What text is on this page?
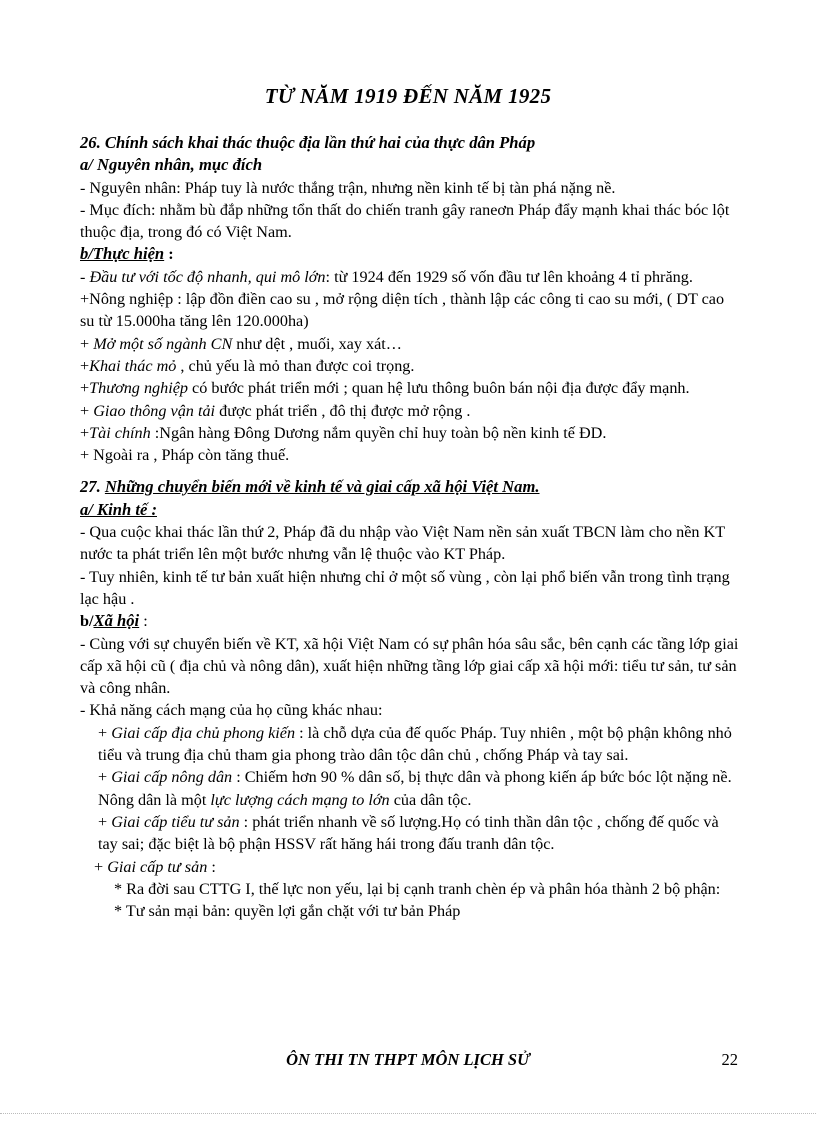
TỪ NĂM 1919 ĐẾN NĂM 1925

26. Chính sách khai thác thuộc địa lần thứ hai của thực dân Pháp

a/ Nguyên nhân, mục đích

- Nguyên nhân: Pháp tuy là nước thắng trận, nhưng nền kinh tế bị tàn phá nặng nề.

- Mục đích: nhằm bù đắp những tổn thất do chiến tranh gây raneơn Pháp đẩy mạnh khai thác bóc lột thuộc địa, trong đó có Việt Nam.

b/Thực hiện :

- Đầu tư với tốc độ nhanh, qui mô lớn: từ 1924 đến 1929 số vốn đầu tư lên khoảng 4 tỉ phrăng.

+Nông nghiệp : lập đồn điền cao su , mở rộng diện tích , thành lập các công ti cao su mới, ( DT cao su từ 15.000ha tăng lên 120.000ha)

+ Mở một số ngành CN như dệt , muối, xay xát…

+Khai thác mỏ , chủ yếu là mỏ than được coi trọng.

+Thương nghiệp có bước phát triển mới ; quan hệ lưu thông buôn bán nội địa được đẩy mạnh.

+ Giao thông vận tải được phát triển , đô thị được mở rộng .

+Tài chính :Ngân hàng Đông Dương nắm quyền chỉ huy toàn bộ nền kinh tế ĐD.

+ Ngoài ra , Pháp còn tăng thuế.

27. Những chuyển biến mới về kinh tế và giai cấp xã hội Việt Nam.

a/ Kinh tế :

- Qua cuộc khai thác lần thứ 2, Pháp đã du nhập vào Việt Nam nền sản xuất TBCN làm cho nền KT nước ta phát triển lên một bước nhưng vẫn lệ thuộc vào KT Pháp.

- Tuy nhiên, kinh tế tư bản xuất hiện nhưng chỉ ở một số vùng , còn lại phổ biến vẫn trong tình trạng lạc hậu .

b/Xã hội :

- Cùng với sự chuyển biến về KT, xã hội Việt Nam có sự phân hóa sâu sắc, bên cạnh các tầng lớp giai cấp xã hội cũ ( địa chủ và nông dân), xuất hiện những tầng lớp giai cấp xã hội mới: tiểu tư sản, tư sản và công nhân.

- Khả năng cách mạng của họ cũng khác nhau:

+ Giai cấp địa chủ phong kiến : là chỗ dựa của đế quốc Pháp. Tuy nhiên , một bộ phận không nhỏ tiểu và trung địa chủ tham gia phong trào dân tộc dân chủ , chống Pháp và tay sai.

+ Giai cấp nông dân : Chiếm hơn 90 % dân số, bị thực dân và phong kiến áp bức bóc lột nặng nề. Nông dân là một lực lượng cách mạng to lớn của dân tộc.

+ Giai cấp tiểu tư sản : phát triển nhanh về số lượng.Họ có tinh thần dân tộc , chống đế quốc và tay sai; đặc biệt là bộ phận HSSV rất hăng hái trong đấu tranh dân tộc.

+ Giai cấp tư sản :

* Ra đời sau CTTG I, thế lực non yếu, lại bị cạnh tranh chèn ép và phân hóa thành 2 bộ phận:

* Tư sản mại bản: quyền lợi gắn chặt với tư bản Pháp

ÔN THI TN THPT MÔN LỊCH SỬ	22
